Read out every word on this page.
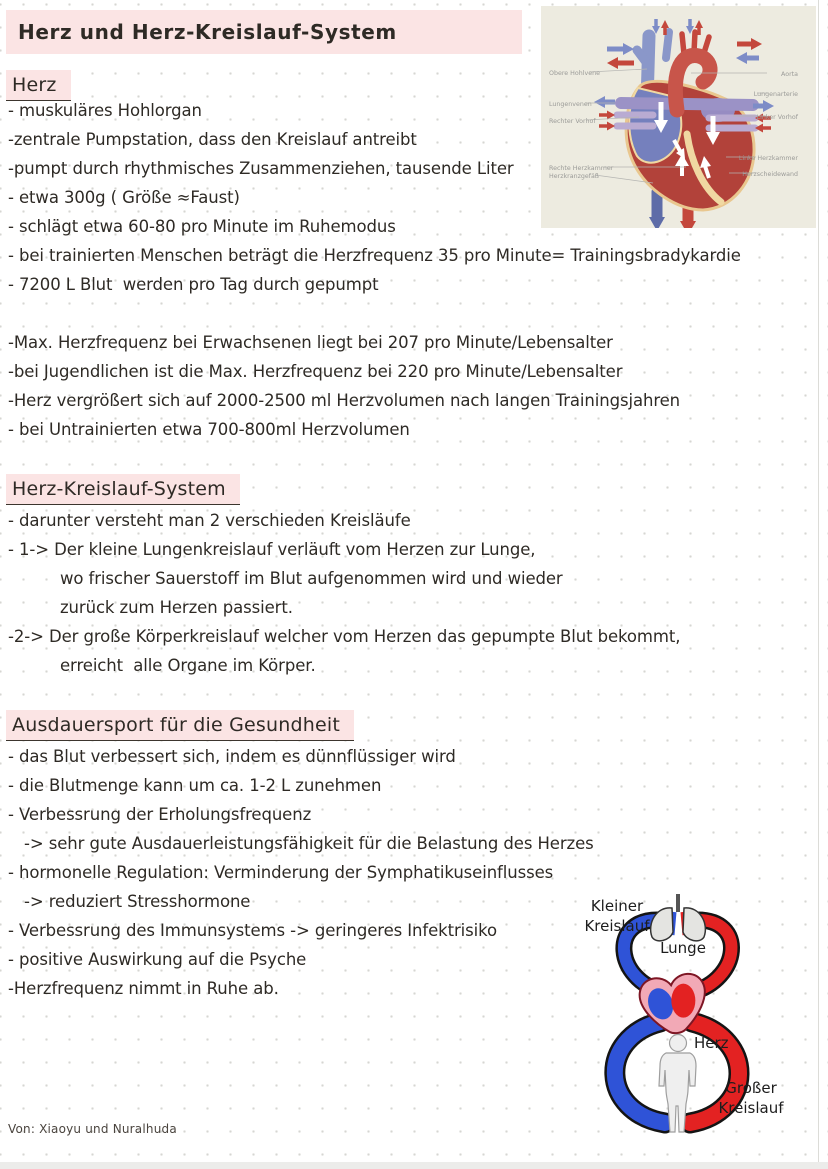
Herz und Herz-Kreislauf-System
Herz
- muskuläres Hohlorgan
-zentrale Pumpstation, dass den Kreislauf antreibt
-pumpt durch rhythmisches Zusammenziehen, tausende Liter
- etwa 300g ( Größe ≈Faust)
- schlägt etwa 60-80 pro Minute im Ruhemodus
- bei trainierten Menschen beträgt die Herzfrequenz 35 pro Minute= Trainingsbradykardie
- 7200 L Blut  werden pro Tag durch gepumpt
-Max. Herzfrequenz bei Erwachsenen liegt bei 207 pro Minute/Lebensalter
-bei Jugendlichen ist die Max. Herzfrequenz bei 220 pro Minute/Lebensalter
-Herz vergrößert sich auf 2000-2500 ml Herzvolumen nach langen Trainingsjahren
- bei Untrainierten etwa 700-800ml Herzvolumen
Herz-Kreislauf-System
- darunter versteht man 2 verschieden Kreisläufe
- 1-> Der kleine Lungenkreislauf verläuft vom Herzen zur Lunge,
wo frischer Sauerstoff im Blut aufgenommen wird und wieder
zurück zum Herzen passiert.
-2-> Der große Körperkreislauf welcher vom Herzen das gepumpte Blut bekommt,
erreicht  alle Organe im Körper.
Ausdauersport für die Gesundheit
- das Blut verbessert sich, indem es dünnflüssiger wird
- die Blutmenge kann um ca. 1-2 L zunehmen
- Verbessrung der Erholungsfrequenz
-> sehr gute Ausdauerleistungsfähigkeit für die Belastung des Herzes
- hormonelle Regulation: Verminderung der Symphatikuseinflusses
-> reduziert Stresshormone
- Verbessrung des Immunsystems -> geringeres Infektrisiko
- positive Auswirkung auf die Psyche
-Herzfrequenz nimmt in Ruhe ab.
Von: Xiaoyu und Nuralhuda
Obere Hohlvene
Lungenvenen
Rechter Vorhof
Rechte Herzkammer
Herzkranzgefäß
Aorta
Lungenarterie
Linker Vorhof
Linke Herzkammer
Herzscheidewand
Kleiner
Kreislauf
Lunge
Herz
Großer
Kreislauf
